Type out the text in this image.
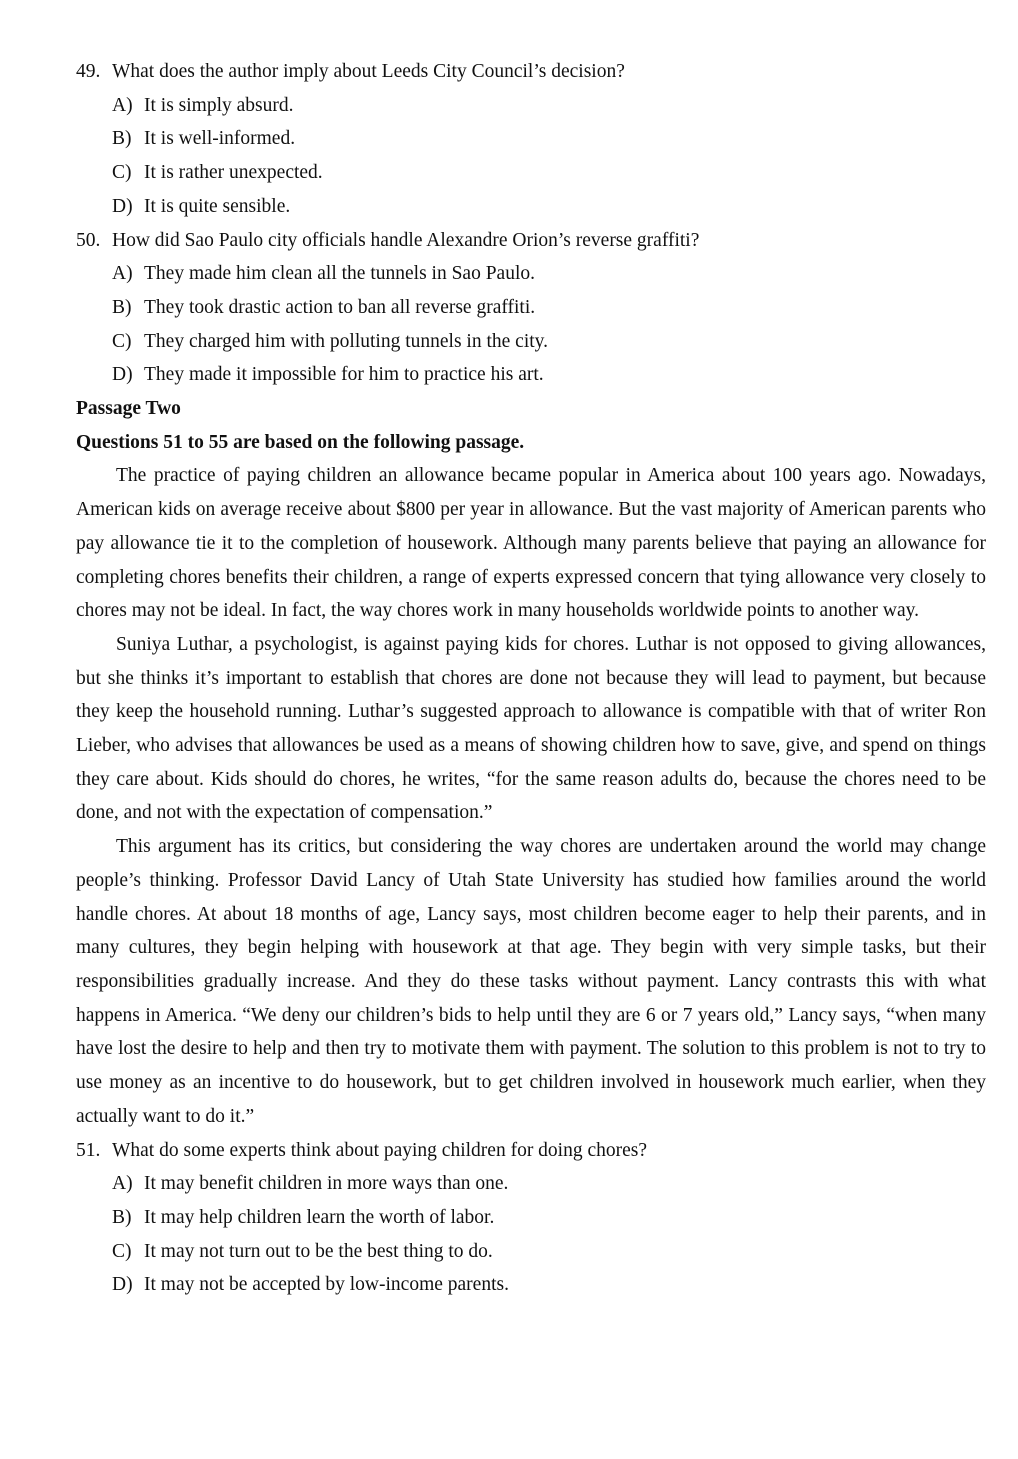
49. What does the author imply about Leeds City Council’s decision?
A) It is simply absurd.
B) It is well-informed.
C) It is rather unexpected.
D) It is quite sensible.
50. How did Sao Paulo city officials handle Alexandre Orion’s reverse graffiti?
A) They made him clean all the tunnels in Sao Paulo.
B) They took drastic action to ban all reverse graffiti.
C) They charged him with polluting tunnels in the city.
D) They made it impossible for him to practice his art.
Passage Two
Questions 51 to 55 are based on the following passage.

The practice of paying children an allowance became popular in America about 100 years ago. Nowadays, American kids on average receive about $800 per year in allowance. But the vast majority of American parents who pay allowance tie it to the completion of housework. Although many parents believe that paying an allowance for completing chores benefits their children, a range of experts expressed concern that tying allowance very closely to chores may not be ideal. In fact, the way chores work in many households worldwide points to another way.

Suniya Luthar, a psychologist, is against paying kids for chores. Luthar is not opposed to giving allowances, but she thinks it’s important to establish that chores are done not because they will lead to payment, but because they keep the household running. Luthar’s suggested approach to allowance is compatible with that of writer Ron Lieber, who advises that allowances be used as a means of showing children how to save, give, and spend on things they care about. Kids should do chores, he writes, “for the same reason adults do, because the chores need to be done, and not with the expectation of compensation.”

This argument has its critics, but considering the way chores are undertaken around the world may change people’s thinking. Professor David Lancy of Utah State University has studied how families around the world handle chores. At about 18 months of age, Lancy says, most children become eager to help their parents, and in many cultures, they begin helping with housework at that age. They begin with very simple tasks, but their responsibilities gradually increase. And they do these tasks without payment. Lancy contrasts this with what happens in America. “We deny our children’s bids to help until they are 6 or 7 years old,” Lancy says, “when many have lost the desire to help and then try to motivate them with payment. The solution to this problem is not to try to use money as an incentive to do housework, but to get children involved in housework much earlier, when they actually want to do it.”

51. What do some experts think about paying children for doing chores?
A) It may benefit children in more ways than one.
B) It may help children learn the worth of labor.
C) It may not turn out to be the best thing to do.
D) It may not be accepted by low-income parents.
